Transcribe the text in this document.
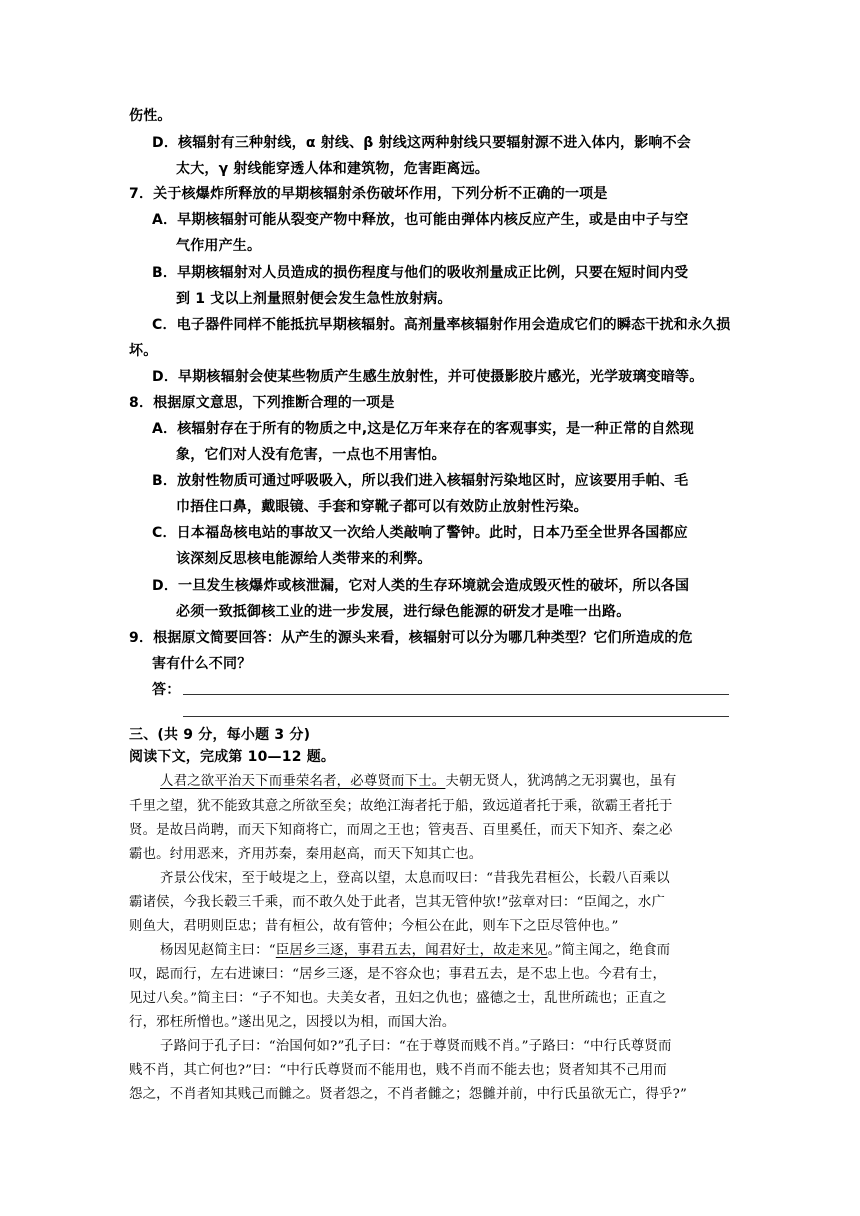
伤性。
D．核辐射有三种射线，α 射线、β 射线这两种射线只要辐射源不进入体内，影响不会
太大，γ 射线能穿透人体和建筑物，危害距离远。
7．关于核爆炸所释放的早期核辐射杀伤破坏作用，下列分析不正确的一项是
A．早期核辐射可能从裂变产物中释放，也可能由弹体内核反应产生，或是由中子与空
气作用产生。
B．早期核辐射对人员造成的损伤程度与他们的吸收剂量成正比例，只要在短时间内受
到 1 戈以上剂量照射便会发生急性放射病。
C．电子器件同样不能抵抗早期核辐射。高剂量率核辐射作用会造成它们的瞬态干扰和永久损
坏。
D．早期核辐射会使某些物质产生感生放射性，并可使摄影胶片感光，光学玻璃变暗等。
8．根据原文意思，下列推断合理的一项是
A．核辐射存在于所有的物质之中,这是亿万年来存在的客观事实，是一种正常的自然现
象，它们对人没有危害，一点也不用害怕。
B．放射性物质可通过呼吸吸入，所以我们进入核辐射污染地区时，应该要用手帕、毛
巾捂住口鼻，戴眼镜、手套和穿靴子都可以有效防止放射性污染。
C．日本福岛核电站的事故又一次给人类敲响了警钟。此时，日本乃至全世界各国都应
该深刻反思核电能源给人类带来的利弊。
D．一旦发生核爆炸或核泄漏，它对人类的生存环境就会造成毁灭性的破坏，所以各国
必须一致抵御核工业的进一步发展，进行绿色能源的研发才是唯一出路。
9．根据原文简要回答：从产生的源头来看，核辐射可以分为哪几种类型？它们所造成的危
害有什么不同？
答：
三、(共 9 分，每小题 3 分)
阅读下文，完成第 10—12 题。
人君之欲平治天下而垂荣名者，必尊贤而下士。夫朝无贤人，犹鸿鹄之无羽翼也，虽有
千里之望，犹不能致其意之所欲至矣；故绝江海者托于船，致远道者托于乘，欲霸王者托于
贤。是故吕尚聘，而天下知商将亡，而周之王也；管夷吾、百里奚任，而天下知齐、秦之必
霸也。纣用恶来，齐用苏秦，秦用赵高，而天下知其亡也。
齐景公伐宋，至于岐堤之上，登高以望，太息而叹曰：“昔我先君桓公，长毂八百乘以
霸诸侯，今我长毂三千乘，而不敢久处于此者，岂其无管仲欤!”弦章对曰：“臣闻之，水广
则鱼大，君明则臣忠；昔有桓公，故有管仲；今桓公在此，则车下之臣尽管仲也。”
杨因见赵简主曰：“臣居乡三逐，事君五去，闻君好士，故走来见。”简主闻之，绝食而
叹，跽而行，左右进谏曰：“居乡三逐，是不容众也；事君五去，是不忠上也。今君有士，
见过八矣。”简主曰：“子不知也。夫美女者，丑妇之仇也；盛德之士，乱世所疏也；正直之
行，邪枉所憎也。”遂出见之，因授以为相，而国大治。
子路问于孔子曰：“治国何如?”孔子曰：“在于尊贤而贱不肖。”子路曰：“中行氏尊贤而
贱不肖，其亡何也?”曰：“中行氏尊贤而不能用也，贱不肖而不能去也；贤者知其不己用而
怨之，不肖者知其贱己而雠之。贤者怨之，不肖者雠之；怨雠并前，中行氏虽欲无亡，得乎?”
